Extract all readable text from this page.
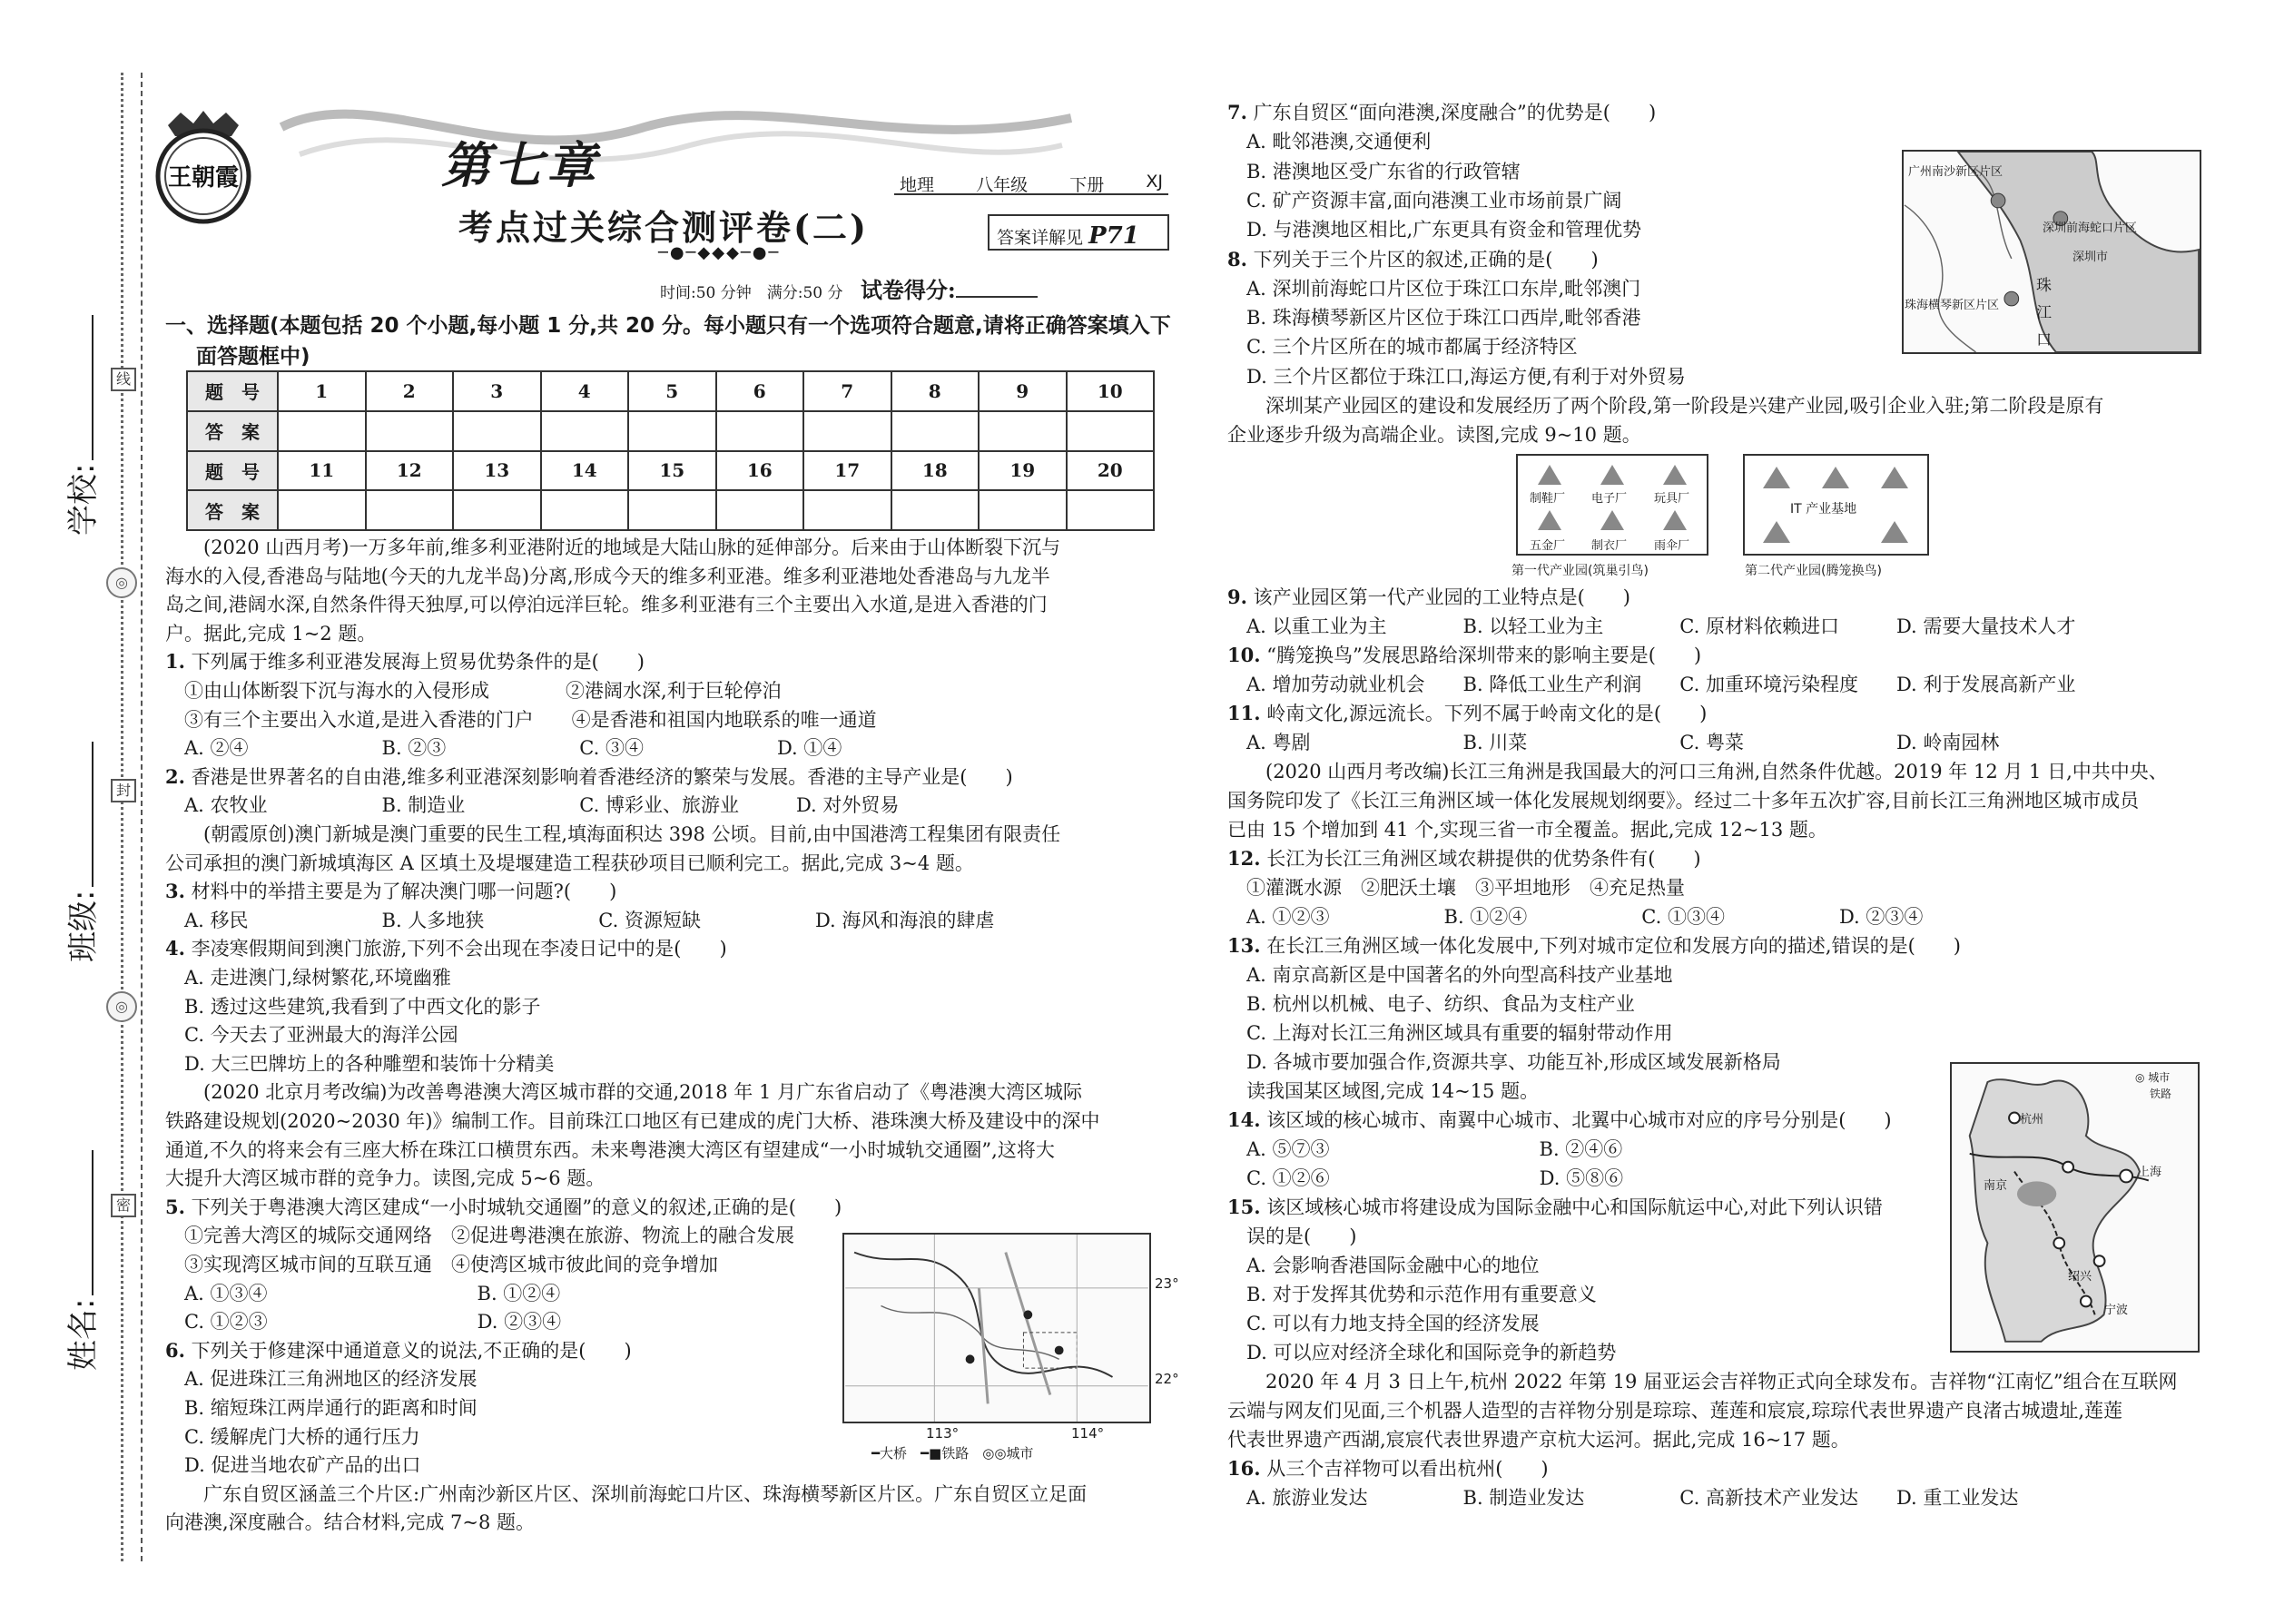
线
◎
封
◎
密
学校:
班级:
姓名:
王朝霞	第七章	地理 八年级 下册 XJ
考点过关综合测评卷(二)	答案详解见 P71
─●─◆◆◆─●─
时间:50 分钟　满分:50 分 试卷得分:
一、选择题(本题包括 20 个小题,每小题 1 分,共 20 分。每小题只有一个选项符合题意,请将正确答案填入下
面答题框中)
题　号	1	2	3	4	5	6	7	8	9	10
答　案										
题　号	11	12	13	14	15	16	17	18	19	20
答　案										
　　(2020 山西月考)一万多年前,维多利亚港附近的地域是大陆山脉的延伸部分。后来由于山体断裂下沉与
海水的入侵,香港岛与陆地(今天的九龙半岛)分离,形成今天的维多利亚港。维多利亚港地处香港岛与九龙半
岛之间,港阔水深,自然条件得天独厚,可以停泊远洋巨轮。维多利亚港有三个主要出入水道,是进入香港的门
户。据此,完成 1~2 题。
1. 下列属于维多利亚港发展海上贸易优势条件的是(　　)
　①由山体断裂下沉与海水的入侵形成　　　　②港阔水深,利于巨轮停泊
　③有三个主要出入水道,是进入香港的门户　　④是香港和祖国内地联系的唯一通道
　A. ②④　　　　　　　B. ②③　　　　　　　C. ③④　　　　　　　D. ①④
2. 香港是世界著名的自由港,维多利亚港深刻影响着香港经济的繁荣与发展。香港的主导产业是(　　)
　A. 农牧业　　　　　　B. 制造业　　　　　　C. 博彩业、旅游业　　　D. 对外贸易
　　(朝霞原创)澳门新城是澳门重要的民生工程,填海面积达 398 公顷。目前,由中国港湾工程集团有限责任
公司承担的澳门新城填海区 A 区填土及堤堰建造工程获砂项目已顺利完工。据此,完成 3~4 题。
3. 材料中的举措主要是为了解决澳门哪一问题?(　　)
　A. 移民　　　　　　　B. 人多地狭　　　　　　C. 资源短缺　　　　　　D. 海风和海浪的肆虐
4. 李凌寒假期间到澳门旅游,下列不会出现在李凌日记中的是(　　)
　A. 走进澳门,绿树繁花,环境幽雅
　B. 透过这些建筑,我看到了中西文化的影子
　C. 今天去了亚洲最大的海洋公园
　D. 大三巴牌坊上的各种雕塑和装饰十分精美
　　(2020 北京月考改编)为改善粤港澳大湾区城市群的交通,2018 年 1 月广东省启动了《粤港澳大湾区城际
铁路建设规划(2020~2030 年)》编制工作。目前珠江口地区有已建成的虎门大桥、港珠澳大桥及建设中的深中
通道,不久的将来会有三座大桥在珠江口横贯东西。未来粤港澳大湾区有望建成“一小时城轨交通圈”,这将大
大提升大湾区城市群的竞争力。读图,完成 5~6 题。
5. 下列关于粤港澳大湾区建成“一小时城轨交通圈”的意义的叙述,正确的是(　　)
　①完善大湾区的城际交通网络　②促进粤港澳在旅游、物流上的融合发展
　③实现湾区城市间的互联互通　④使湾区城市彼此间的竞争增加
　A. ①③④　　　　　　　　　　　B. ①②④
　C. ①②③　　　　　　　　　　　D. ②③④
6. 下列关于修建深中通道意义的说法,不正确的是(　　)
　A. 促进珠江三角洲地区的经济发展
　B. 缩短珠江两岸通行的距离和时间
　C. 缓解虎门大桥的通行压力
　D. 促进当地农矿产品的出口
　　广东自贸区涵盖三个片区:广州南沙新区片区、深圳前海蛇口片区、珠海横琴新区片区。广东自贸区立足面
向港澳,深度融合。结合材料,完成 7~8 题。
23°
22°
113°	114°
━大桥　━■铁路　◎◎城市
广州南沙新区片区
深圳前海蛇口片区
深圳市
珠海横琴新区片区
珠
江
口
制鞋厂 电子厂 玩具厂
五金厂 制衣厂 雨伞厂
第一代产业园(筑巢引鸟)
IT 产业基地
第二代产业园(腾笼换鸟)
◎ 城市
铁路
杭州
南京
上海
宁波
绍兴
7. 广东自贸区“面向港澳,深度融合”的优势是(　　)
　A. 毗邻港澳,交通便利
　B. 港澳地区受广东省的行政管辖
　C. 矿产资源丰富,面向港澳工业市场前景广阔
　D. 与港澳地区相比,广东更具有资金和管理优势
8. 下列关于三个片区的叙述,正确的是(　　)
　A. 深圳前海蛇口片区位于珠江口东岸,毗邻澳门
　B. 珠海横琴新区片区位于珠江口西岸,毗邻香港
　C. 三个片区所在的城市都属于经济特区
　D. 三个片区都位于珠江口,海运方便,有利于对外贸易
　　深圳某产业园区的建设和发展经历了两个阶段,第一阶段是兴建产业园,吸引企业入驻;第二阶段是原有
企业逐步升级为高端企业。读图,完成 9~10 题。
9. 该产业园区第一代产业园的工业特点是(　　)
　A. 以重工业为主　　　　B. 以轻工业为主　　　　C. 原材料依赖进口　　　D. 需要大量技术人才
10. “腾笼换鸟”发展思路给深圳带来的影响主要是(　　)
　A. 增加劳动就业机会　　B. 降低工业生产利润　　C. 加重环境污染程度　　D. 利于发展高新产业
11. 岭南文化,源远流长。下列不属于岭南文化的是(　　)
　A. 粤剧　　　　　　　　B. 川菜　　　　　　　　C. 粤菜　　　　　　　　D. 岭南园林
　　(2020 山西月考改编)长江三角洲是我国最大的河口三角洲,自然条件优越。2019 年 12 月 1 日,中共中央、
国务院印发了《长江三角洲区域一体化发展规划纲要》。经过二十多年五次扩容,目前长江三角洲地区城市成员
已由 15 个增加到 41 个,实现三省一市全覆盖。据此,完成 12~13 题。
12. 长江为长江三角洲区域农耕提供的优势条件有(　　)
　①灌溉水源　②肥沃土壤　③平坦地形　④充足热量
　A. ①②③　　　　　　B. ①②④　　　　　　C. ①③④　　　　　　D. ②③④
13. 在长江三角洲区域一体化发展中,下列对城市定位和发展方向的描述,错误的是(　　)
　A. 南京高新区是中国著名的外向型高科技产业基地
　B. 杭州以机械、电子、纺织、食品为支柱产业
　C. 上海对长江三角洲区域具有重要的辐射带动作用
　D. 各城市要加强合作,资源共享、功能互补,形成区域发展新格局
　读我国某区域图,完成 14~15 题。
14. 该区域的核心城市、南翼中心城市、北翼中心城市对应的序号分别是(　　)
　A. ⑤⑦③　　　　　　　　　　　B. ②④⑥
　C. ①②⑥　　　　　　　　　　　D. ⑤⑧⑥
15. 该区域核心城市将建设成为国际金融中心和国际航运中心,对此下列认识错
　误的是(　　)
　A. 会影响香港国际金融中心的地位
　B. 对于发挥其优势和示范作用有重要意义
　C. 可以有力地支持全国的经济发展
　D. 可以应对经济全球化和国际竞争的新趋势
　　2020 年 4 月 3 日上午,杭州 2022 年第 19 届亚运会吉祥物正式向全球发布。吉祥物“江南忆”组合在互联网
云端与网友们见面,三个机器人造型的吉祥物分别是琮琮、莲莲和宸宸,琮琮代表世界遗产良渚古城遗址,莲莲
代表世界遗产西湖,宸宸代表世界遗产京杭大运河。据此,完成 16~17 题。
16. 从三个吉祥物可以看出杭州(　　)
　A. 旅游业发达　　　　　B. 制造业发达　　　　　C. 高新技术产业发达　　D. 重工业发达
